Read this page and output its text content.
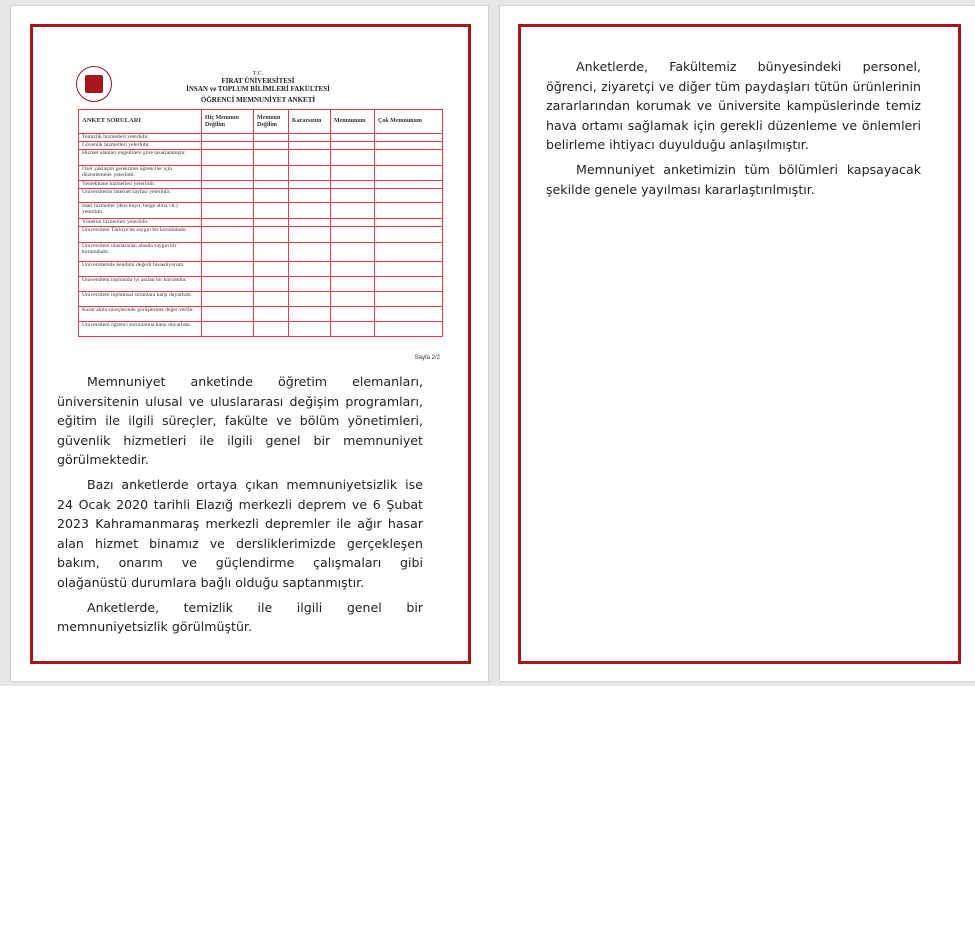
T.C.
FIRAT ÜNİVERSİTESİ
İNSAN ve TOPLUM BİLİMLERİ FAKÜLTESİ
ÖĞRENCİ MEMNUNİYET ANKETİ
ANKET SORULARI	Hiç Memnun Değilim	Memnun Değilim	Kararsızım	Memnunum	Çok Memnunum
Temizlik hizmetleri yeterlidir.					
Güvenlik hizmetleri yeterlidir.					
Hizmet alanları engellilere göre tasarlanmıştır.					
Özel yaklaşım gerektiren öğrenciler için düzenlemeler yeterlidir.					
Yemekhane hizmetleri yeterlidir.					
Üniversitenin internet sayfası yeterlidir.					
İdari hizmetler (ders kayıt, belge alma vb.) yeterlidir.					
Yönetim hizmetleri yeterlidir.					
Üniversitem Türkiye'de saygın bir kurumdadır.					
Üniversitem uluslararası alanda saygın bir kurumdadır.					
Üniversitemde kendimi değerli hissediyorum.					
Üniversitem toplumda iyi anılan bir kurumdur.					
Üniversitem toplumsal sorunlara karşı duyarlıdır.					
Karar alma süreçlerinde görüşlerime değer verilir.					
Üniversitem öğrenci sorunlarına karşı duyarlıdır.					
Sayfa 2/2

Memnuniyet anketinde öğretim elemanları, üniversitenin ulusal ve uluslararası değişim programları, eğitim ile ilgili süreçler, fakülte ve bölüm yönetimleri, güvenlik hizmetleri ile ilgili genel bir memnuniyet görülmektedir.

Bazı anketlerde ortaya çıkan memnuniyetsizlik ise 24 Ocak 2020 tarihli Elazığ merkezli deprem ve 6 Şubat 2023 Kahramanmaraş merkezli depremler ile ağır hasar alan hizmet binamız ve dersliklerimizde gerçekleşen bakım, onarım ve güçlendirme çalışmaları gibi olağanüstü durumlara bağlı olduğu saptanmıştır.

Anketlerde, temizlik ile ilgili genel bir memnuniyetsizlik görülmüştür.

Anketlerde, Fakültemiz bünyesindeki personel, öğrenci, ziyaretçi ve diğer tüm paydaşları tütün ürünlerinin zararlarından korumak ve üniversite kampüslerinde temiz hava ortamı sağlamak için gerekli düzenleme ve önlemleri belirleme ihtiyacı duyulduğu anlaşılmıştır.

Memnuniyet anketimizin tüm bölümleri kapsayacak şekilde genele yayılması kararlaştırılmıştır.
